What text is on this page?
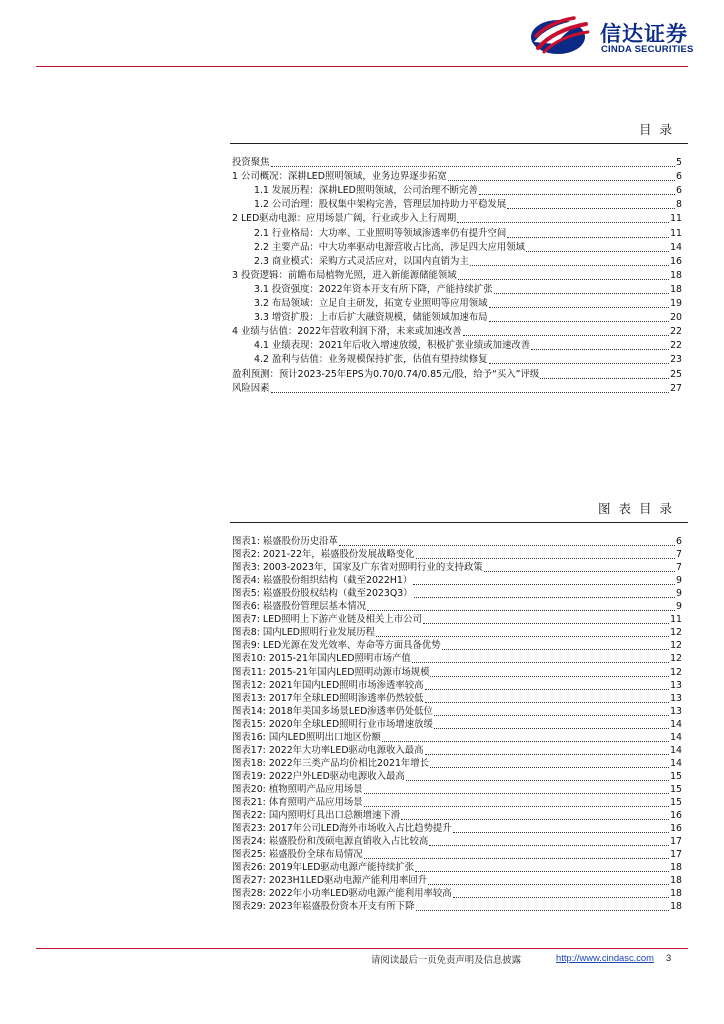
信达证券
CINDA SECURITIES
目录
投资聚焦	5
1 公司概况：深耕LED照明领域，业务边界逐步拓宽	6
1.1 发展历程：深耕LED照明领域，公司治理不断完善	6
1.2 公司治理：股权集中架构完善，管理层加持助力平稳发展	8
2 LED驱动电源：应用场景广阔，行业或步入上行周期	11
2.1 行业格局：大功率、工业照明等领域渗透率仍有提升空间	11
2.2 主要产品：中大功率驱动电源营收占比高，涉足四大应用领域	14
2.3 商业模式：采购方式灵活应对，以国内直销为主	16
3 投资逻辑：前瞻布局植物光照，进入新能源储能领域	18
3.1 投资强度：2022年资本开支有所下降，产能持续扩张	18
3.2 布局领域：立足自主研发，拓宽专业照明等应用领域	19
3.3 增资扩股：上市后扩大融资规模，储能领域加速布局	20
4 业绩与估值：2022年营收利润下滑，未来或加速改善	22
4.1 业绩表现：2021年后收入增速放缓，积极扩张业绩或加速改善	22
4.2 盈利与估值：业务规模保持扩张，估值有望持续修复	23
盈利预测：预计2023-25年EPS为0.70/0.74/0.85元/股，给予“买入”评级	25
风险因素	27
图表目录
图表1: 崧盛股份历史沿革	6
图表2: 2021-22年，崧盛股份发展战略变化	7
图表3: 2003-2023年，国家及广东省对照明行业的支持政策	7
图表4: 崧盛股份组织结构（截至2022H1）	9
图表5: 崧盛股份股权结构（截至2023Q3）	9
图表6: 崧盛股份管理层基本情况	9
图表7: LED照明上下游产业链及相关上市公司	11
图表8: 国内LED照明行业发展历程	12
图表9: LED光源在发光效率、寿命等方面具备优势	12
图表10: 2015-21年国内LED照明市场产值	12
图表11: 2015-21年国内LED照明动源市场规模	12
图表12: 2021年国内LED照明市场渗透率较高	13
图表13: 2017年全球LED照明渗透率仍然较低	13
图表14: 2018年美国多场景LED渗透率仍处低位	13
图表15: 2020年全球LED照明行业市场增速放缓	14
图表16: 国内LED照明出口地区份额	14
图表17: 2022年大功率LED驱动电源收入最高	14
图表18: 2022年三类产品均价相比2021年增长	14
图表19: 2022户外LED驱动电源收入最高	15
图表20: 植物照明产品应用场景	15
图表21: 体育照明产品应用场景	15
图表22: 国内照明灯具出口总额增速下滑	16
图表23: 2017年公司LED海外市场收入占比趋势提升	16
图表24: 崧盛股份和茂硕电源直销收入占比较高	17
图表25: 崧盛股份全球布局情况	17
图表26: 2019年LED驱动电源产能持续扩张	18
图表27: 2023H1LED驱动电源产能利用率回升	18
图表28: 2022年小功率LED驱动电源产能利用率较高	18
图表29: 2023年崧盛股份资本开支有所下降	18
请阅读最后一页免责声明及信息披露	http://www.cindasc.com 3
